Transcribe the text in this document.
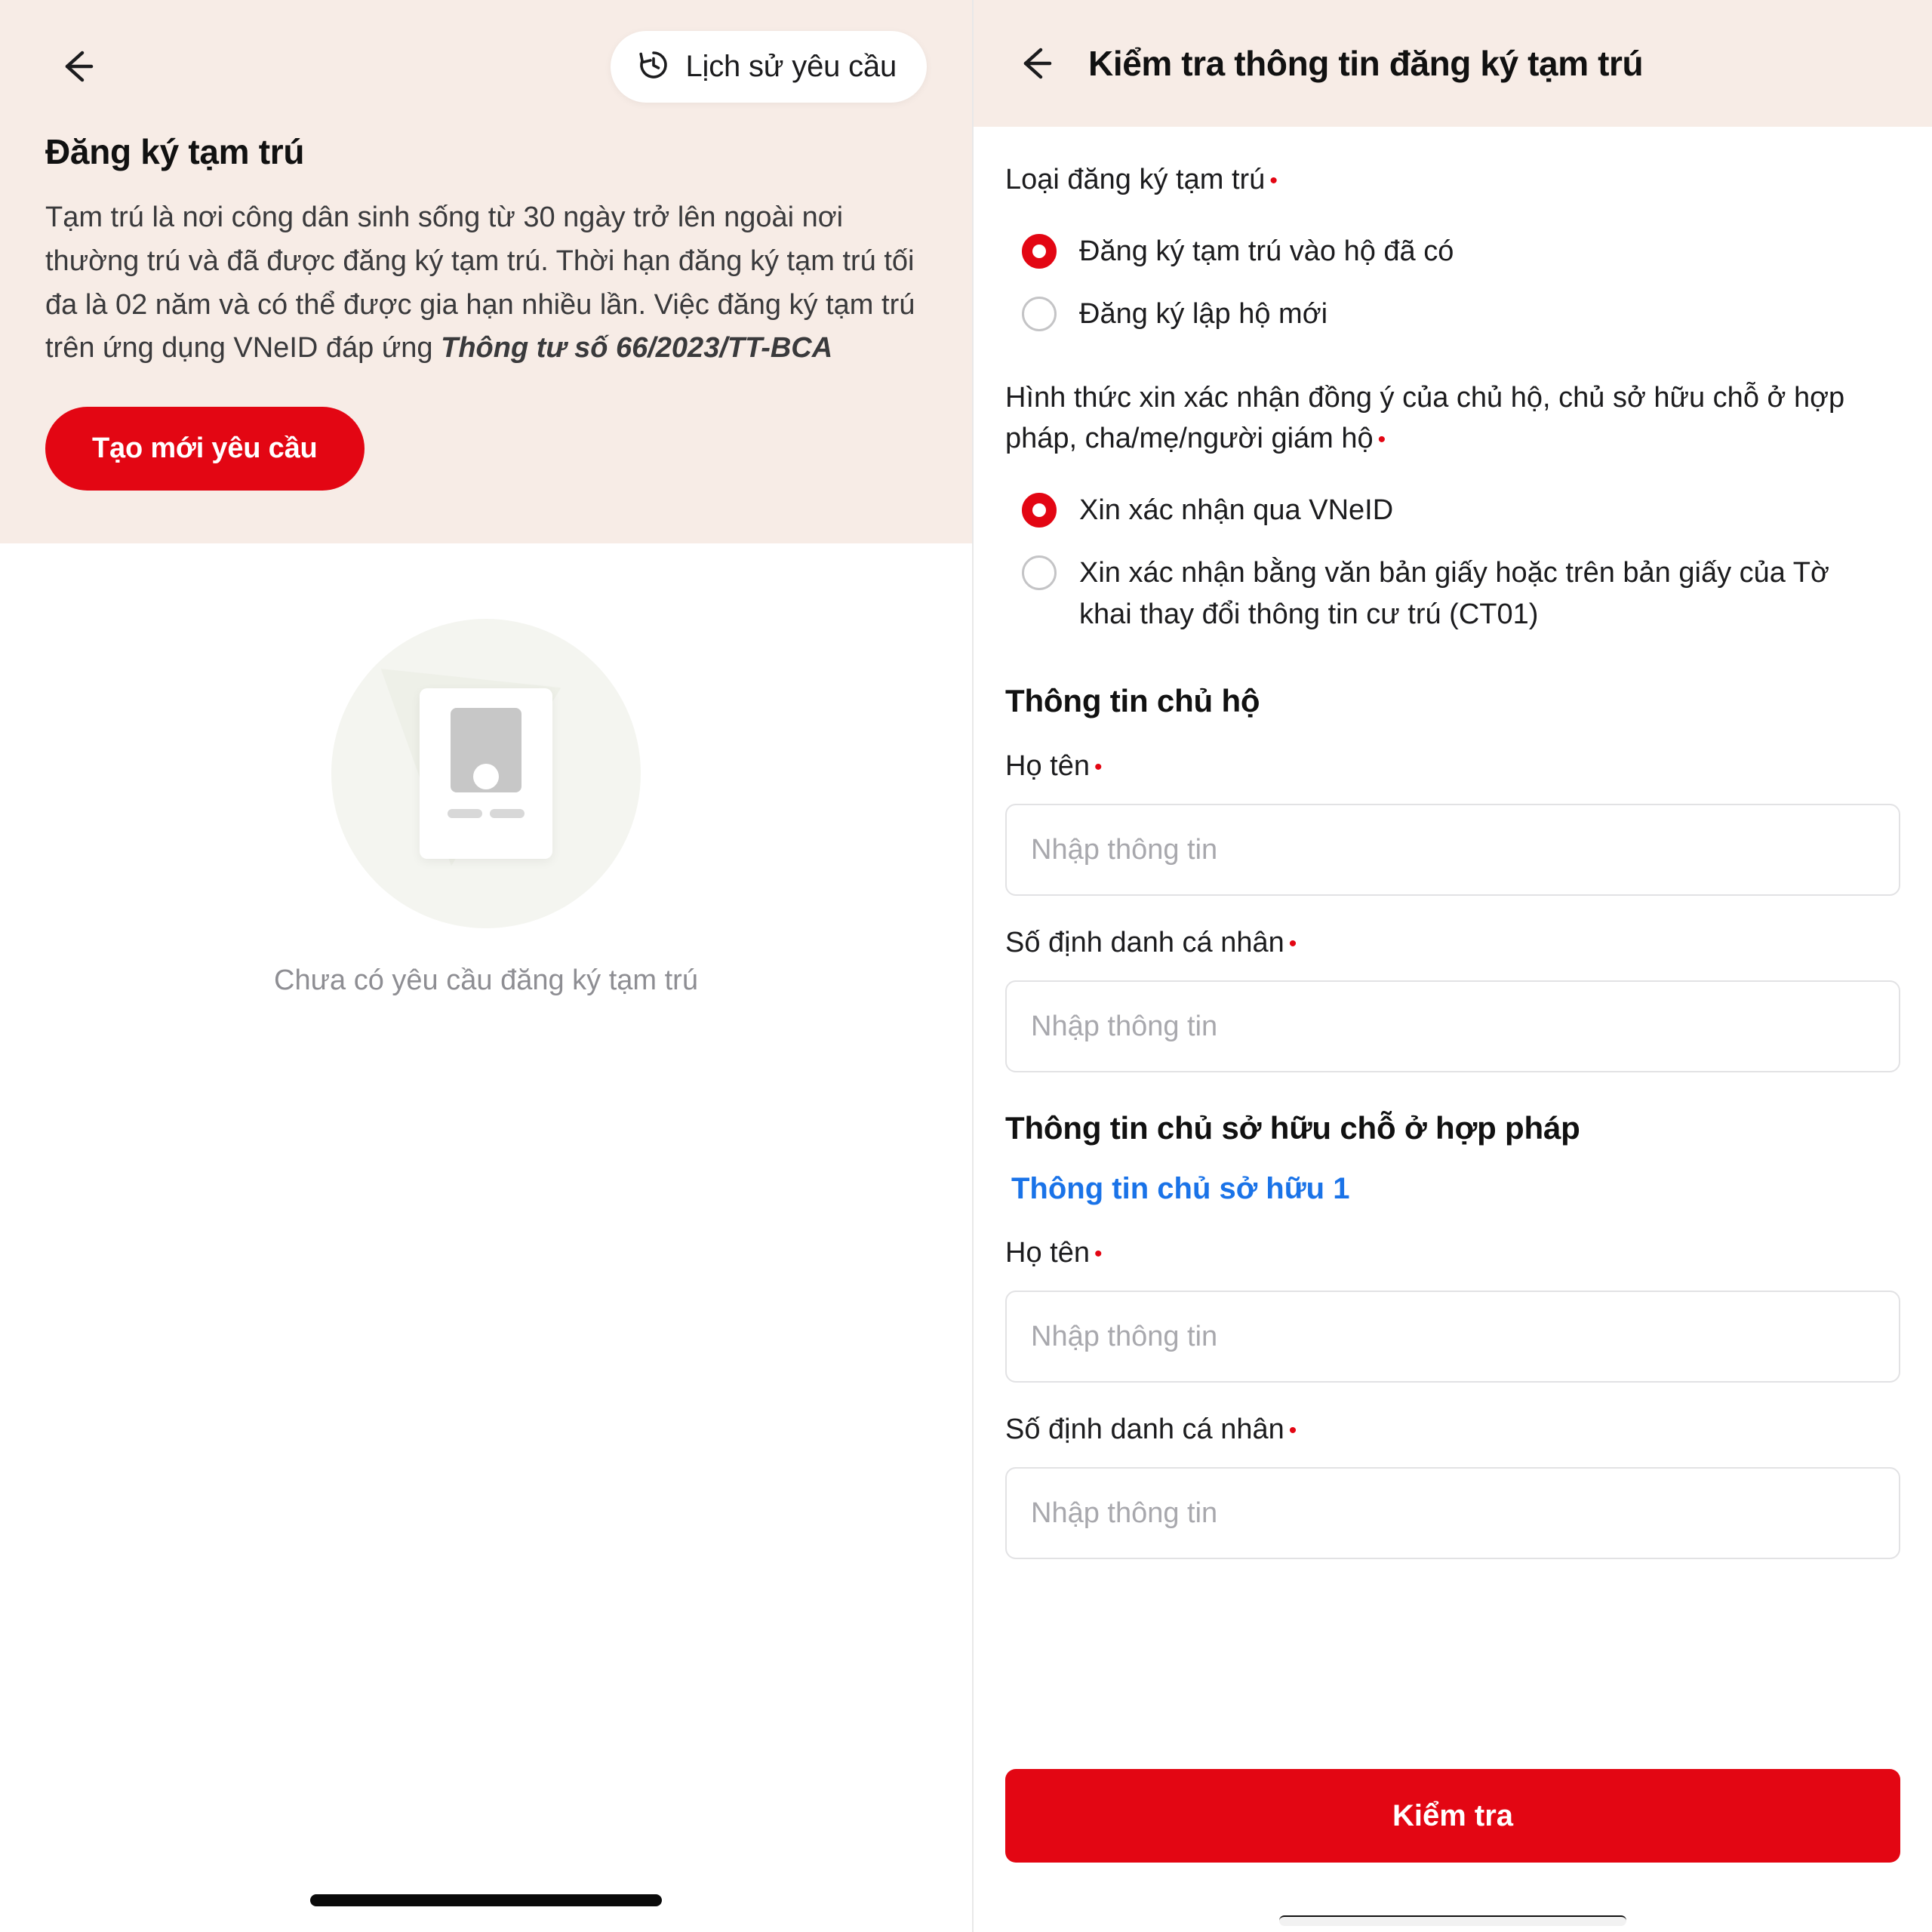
Lịch sử yêu cầu
Đăng ký tạm trú

Tạm trú là nơi công dân sinh sống từ 30 ngày trở lên ngoài nơi thường trú và đã được đăng ký tạm trú. Thời hạn đăng ký tạm trú tối đa là 02 năm và có thể được gia hạn nhiều lần. Việc đăng ký tạm trú trên ứng dụng VNeID đáp ứng Thông tư số 66/2023/TT-BCA

Tạo mới yêu cầu
Chưa có yêu cầu đăng ký tạm trú
Kiểm tra thông tin đăng ký tạm trú
Loại đăng ký tạm trú •
Đăng ký tạm trú vào hộ đã có
Đăng ký lập hộ mới
Hình thức xin xác nhận đồng ý của chủ hộ, chủ sở hữu chỗ ở hợp pháp, cha/mẹ/người giám hộ •
Xin xác nhận qua VNeID
Xin xác nhận bằng văn bản giấy hoặc trên bản giấy của Tờ khai thay đổi thông tin cư trú (CT01)
Thông tin chủ hộ
Họ tên •
Nhập thông tin
Số định danh cá nhân •
Nhập thông tin
Thông tin chủ sở hữu chỗ ở hợp pháp
Thông tin chủ sở hữu 1
Họ tên •
Nhập thông tin
Số định danh cá nhân •
Nhập thông tin
Kiểm tra
